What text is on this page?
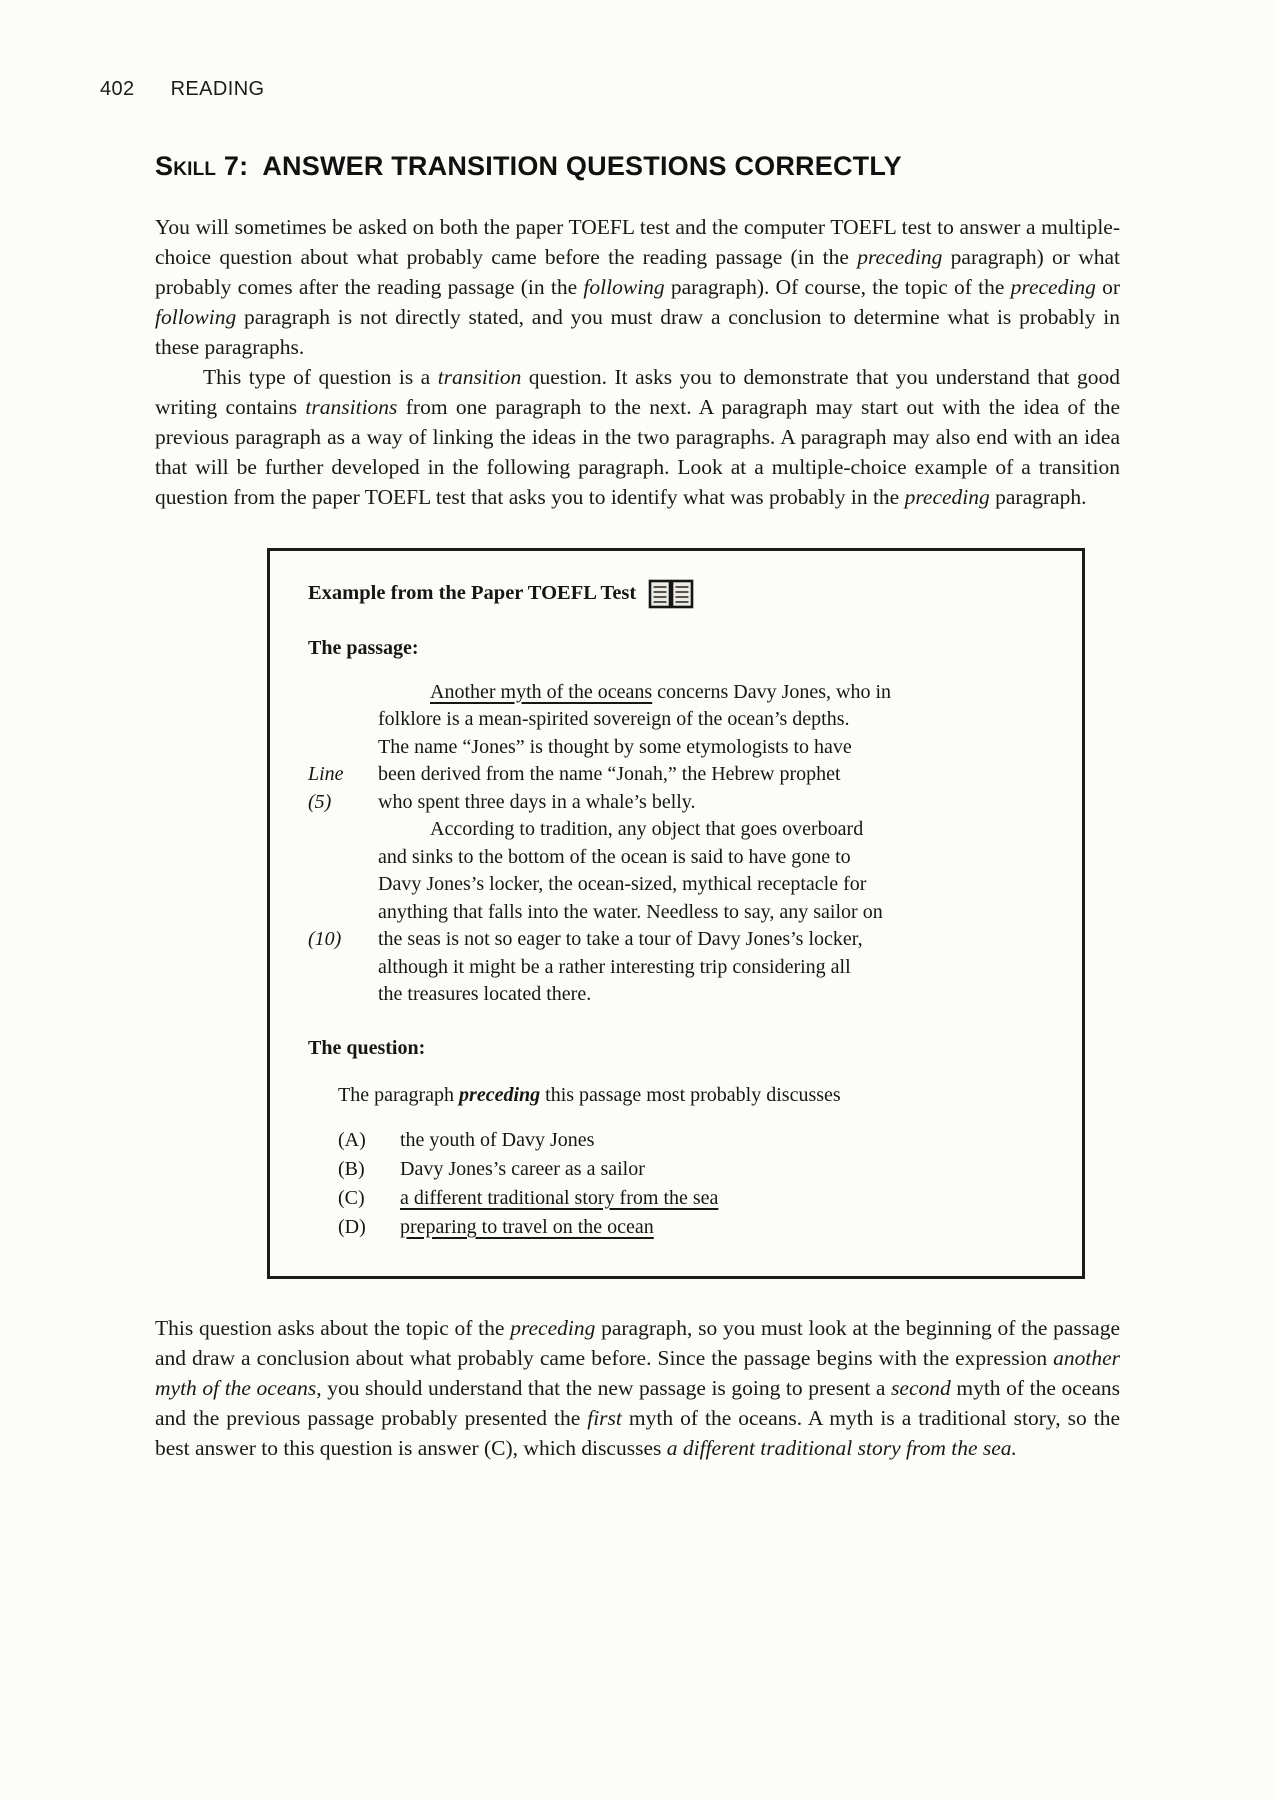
402 READING
Skill 7: ANSWER TRANSITION QUESTIONS CORRECTLY

You will sometimes be asked on both the paper TOEFL test and the computer TOEFL test to answer a multiple-choice question about what probably came before the reading passage (in the preceding paragraph) or what probably comes after the reading passage (in the following paragraph). Of course, the topic of the preceding or following paragraph is not directly stated, and you must draw a conclusion to determine what is probably in these paragraphs.

This type of question is a transition question. It asks you to demonstrate that you understand that good writing contains transitions from one paragraph to the next. A paragraph may start out with the idea of the previous paragraph as a way of linking the ideas in the two paragraphs. A paragraph may also end with an idea that will be further developed in the following paragraph. Look at a multiple-choice example of a transition question from the paper TOEFL test that asks you to identify what was probably in the preceding paragraph.

Example from the Paper TOEFL Test
The passage:
Another myth of the oceans concerns Davy Jones, who in
folklore is a mean-spirited sovereign of the ocean’s depths.
The name “Jones” is thought by some etymologists to have
Line	been derived from the name “Jonah,” the Hebrew prophet
(5)	who spent three days in a whale’s belly.
According to tradition, any object that goes overboard
and sinks to the bottom of the ocean is said to have gone to
Davy Jones’s locker, the ocean-sized, mythical receptacle for
anything that falls into the water. Needless to say, any sailor on
(10)	the seas is not so eager to take a tour of Davy Jones’s locker,
although it might be a rather interesting trip considering all
the treasures located there.
The question:

The paragraph preceding this passage most probably discusses

(A)	the youth of Davy Jones
(B)	Davy Jones’s career as a sailor
(C)	a different traditional story from the sea
(D)	preparing to travel on the ocean

This question asks about the topic of the preceding paragraph, so you must look at the beginning of the passage and draw a conclusion about what probably came before. Since the passage begins with the expression another myth of the oceans, you should understand that the new passage is going to present a second myth of the oceans and the previous passage probably presented the first myth of the oceans. A myth is a traditional story, so the best answer to this question is answer (C), which discusses a different traditional story from the sea.
